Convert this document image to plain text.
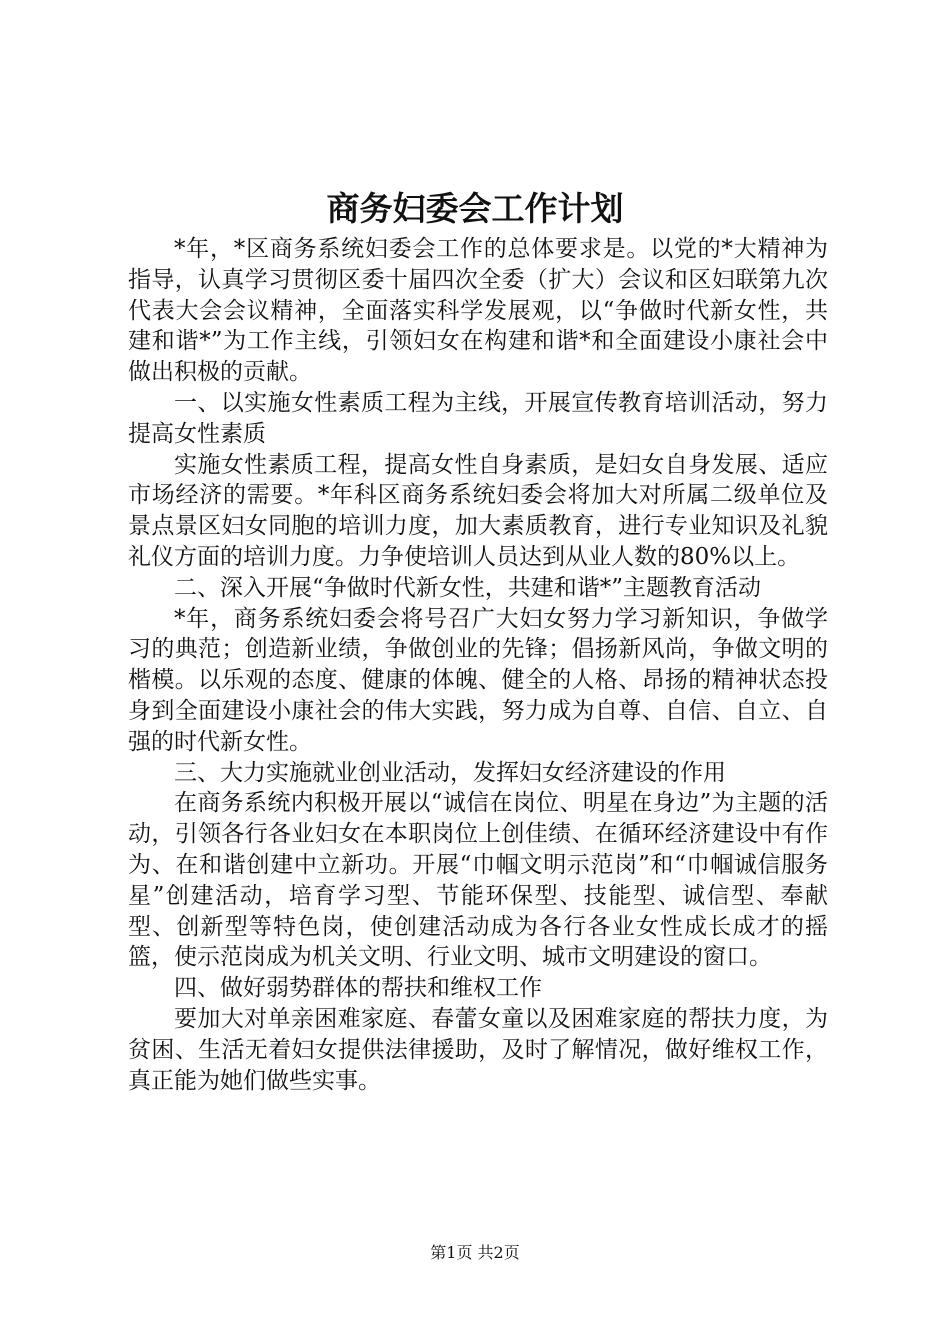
商务妇委会工作计划

*年，*区商务系统妇委会工作的总体要求是。以党的*大精神为指导，认真学习贯彻区委十届四次全委（扩大）会议和区妇联第九次代表大会会议精神，全面落实科学发展观，以“争做时代新女性，共建和谐*”为工作主线，引领妇女在构建和谐*和全面建设小康社会中做出积极的贡献。

一、以实施女性素质工程为主线，开展宣传教育培训活动，努力提高女性素质

实施女性素质工程，提高女性自身素质，是妇女自身发展、适应市场经济的需要。*年科区商务系统妇委会将加大对所属二级单位及景点景区妇女同胞的培训力度，加大素质教育，进行专业知识及礼貌礼仪方面的培训力度。力争使培训人员达到从业人数的80%以上。

二、深入开展“争做时代新女性，共建和谐*”主题教育活动

*年，商务系统妇委会将号召广大妇女努力学习新知识，争做学习的典范；创造新业绩，争做创业的先锋；倡扬新风尚，争做文明的楷模。以乐观的态度、健康的体魄、健全的人格、昂扬的精神状态投身到全面建设小康社会的伟大实践，努力成为自尊、自信、自立、自强的时代新女性。

三、大力实施就业创业活动，发挥妇女经济建设的作用

在商务系统内积极开展以“诚信在岗位、明星在身边”为主题的活动，引领各行各业妇女在本职岗位上创佳绩、在循环经济建设中有作为、在和谐创建中立新功。开展“巾帼文明示范岗”和“巾帼诚信服务星”创建活动，培育学习型、节能环保型、技能型、诚信型、奉献型、创新型等特色岗，使创建活动成为各行各业女性成长成才的摇篮，使示范岗成为机关文明、行业文明、城市文明建设的窗口。

四、做好弱势群体的帮扶和维权工作

要加大对单亲困难家庭、春蕾女童以及困难家庭的帮扶力度，为贫困、生活无着妇女提供法律援助，及时了解情况，做好维权工作，真正能为她们做些实事。

第1页 共2页
